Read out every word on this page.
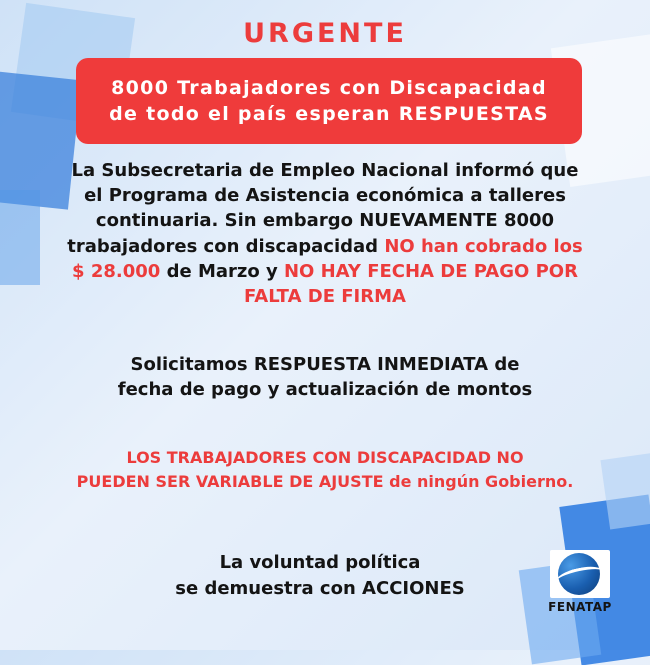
URGENTE
8000 Trabajadores con Discapacidad
de todo el país esperan RESPUESTAS
La Subsecretaria de Empleo Nacional informó que
el Programa de Asistencia económica a talleres
continuaria. Sin embargo NUEVAMENTE 8000
trabajadores con discapacidad NO han cobrado los
$ 28.000 de Marzo y NO HAY FECHA DE PAGO POR
FALTA DE FIRMA
Solicitamos RESPUESTA INMEDIATA de
fecha de pago y actualización de montos
LOS TRABAJADORES CON DISCAPACIDAD NO
PUEDEN SER VARIABLE DE AJUSTE de ningún Gobierno.
La voluntad política
se demuestra con ACCIONES
FENATAP
